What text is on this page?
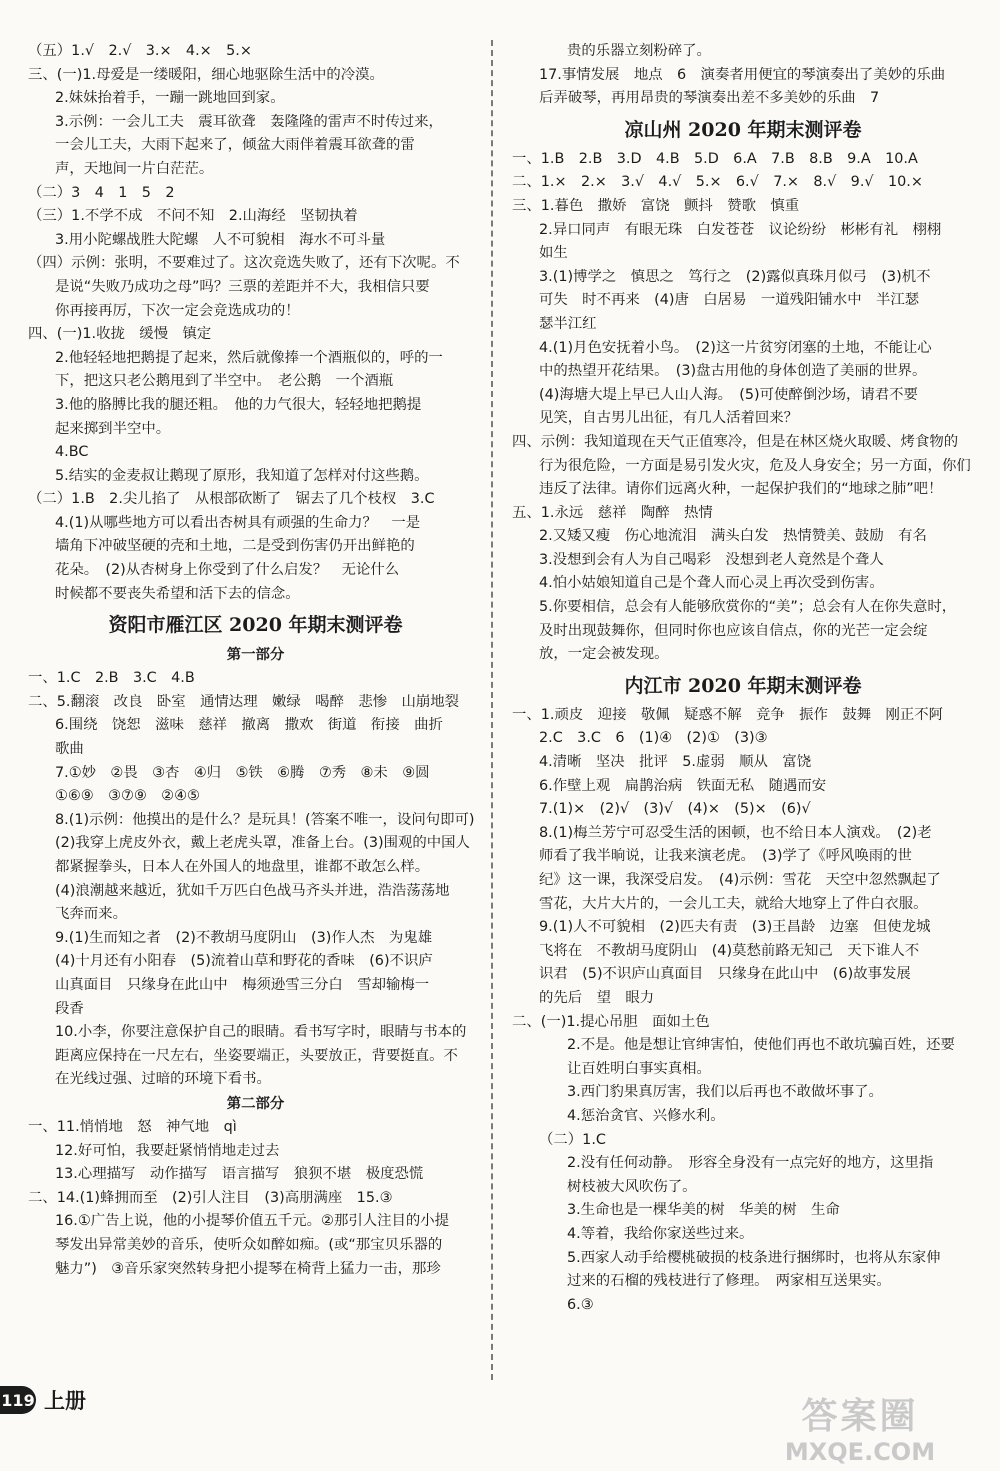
（五）1.√　2.√　3.×　4.×　5.×
三、(一)1.母爱是一缕暖阳，细心地驱除生活中的冷漠。
2.妹妹抬着手，一蹦一跳地回到家。
3.示例：一会儿工夫　震耳欲聋　轰隆隆的雷声不时传过来，
一会儿工夫，大雨下起来了，倾盆大雨伴着震耳欲聋的雷
声，天地间一片白茫茫。
（二）3　4　1　5　2
（三）1.不学不成　不问不知　2.山海经　坚韧执着
3.用小陀螺战胜大陀螺　人不可貌相　海水不可斗量
（四）示例：张明，不要难过了。这次竞选失败了，还有下次呢。不
是说“失败乃成功之母”吗？三票的差距并不大，我相信只要
你再接再厉，下次一定会竞选成功的！
四、(一)1.收拢　缓慢　镇定
2.他轻轻地把鹅提了起来，然后就像捧一个酒瓶似的，呼的一
下，把这只老公鹅甩到了半空中。　老公鹅　一个酒瓶
3.他的胳膊比我的腿还粗。　他的力气很大，轻轻地把鹅提
起来掷到半空中。
4.BC
5.结实的金麦叔让鹅现了原形，我知道了怎样对付这些鹅。
（二）1.B　2.尖儿掐了　从根部砍断了　锯去了几个枝杈　3.C
4.(1)从哪些地方可以看出杏树具有顽强的生命力？　一是
墙角下冲破坚硬的壳和土地，二是受到伤害仍开出鲜艳的
花朵。　(2)从杏树身上你受到了什么启发？　无论什么
时候都不要丧失希望和活下去的信念。
资阳市雁江区 2020 年期末测评卷
第一部分
一、1.C　2.B　3.C　4.B
二、5.翻滚　改良　卧室　通情达理　嫩绿　喝醉　悲惨　山崩地裂
6.围绕　饶恕　滋味　慈祥　撤离　撒欢　街道　衔接　曲折
歌曲
7.①妙　②畏　③杏　④归　⑤铁　⑥腾　⑦秀　⑧未　⑨圆
①⑥⑨　③⑦⑨　②④⑤
8.(1)示例：他摸出的是什么？是玩具！(答案不唯一，设问句即可)
(2)我穿上虎皮外衣，戴上老虎头罩，准备上台。(3)围观的中国人
都紧握拳头，日本人在外国人的地盘里，谁都不敢怎么样。
(4)浪潮越来越近，犹如千万匹白色战马齐头并进，浩浩荡荡地
飞奔而来。
9.(1)生而知之者　(2)不教胡马度阴山　(3)作人杰　为鬼雄
(4)十月还有小阳春　(5)流着山草和野花的香味　(6)不识庐
山真面目　只缘身在此山中　梅须逊雪三分白　雪却输梅一
段香
10.小李，你要注意保护自己的眼睛。看书写字时，眼睛与书本的
距离应保持在一尺左右，坐姿要端正，头要放正，背要挺直。不
在光线过强、过暗的环境下看书。
第二部分
一、11.悄悄地　怒　神气地　qì
12.好可怕，我要赶紧悄悄地走过去
13.心理描写　动作描写　语言描写　狼狈不堪　极度恐慌
二、14.(1)蜂拥而至　(2)引人注目　(3)高朋满座　15.③
16.①广告上说，他的小提琴价值五千元。②那引人注目的小提
琴发出异常美妙的音乐，使听众如醉如痴。(或“那宝贝乐器的
魅力”)　③音乐家突然转身把小提琴在椅背上猛力一击，那珍
贵的乐器立刻粉碎了。
17.事情发展　地点　6　演奏者用便宜的琴演奏出了美妙的乐曲
后弄破琴，再用昂贵的琴演奏出差不多美妙的乐曲　7
凉山州 2020 年期末测评卷
一、1.B　2.B　3.D　4.B　5.D　6.A　7.B　8.B　9.A　10.A
二、1.×　2.×　3.√　4.√　5.×　6.√　7.×　8.√　9.√　10.×
三、1.暮色　撒娇　富饶　颤抖　赞歌　慎重
2.异口同声　有眼无珠　白发苍苍　议论纷纷　彬彬有礼　栩栩
如生
3.(1)博学之　慎思之　笃行之　(2)露似真珠月似弓　(3)机不
可失　时不再来　(4)唐　白居易　一道残阳铺水中　半江瑟
瑟半江红
4.(1)月色安抚着小鸟。　(2)这一片贫穷闭塞的土地，不能让心
中的热望开花结果。　(3)盘古用他的身体创造了美丽的世界。
(4)海塘大堤上早已人山人海。　(5)可使醉倒沙场，请君不要
见笑，自古男儿出征，有几人活着回来？
四、示例：我知道现在天气正值寒冷，但是在林区烧火取暖、烤食物的
行为很危险，一方面是易引发火灾，危及人身安全；另一方面，你们
违反了法律。请你们远离火种，一起保护我们的“地球之肺”吧！
五、1.永远　慈祥　陶醉　热情
2.又矮又瘦　伤心地流泪　满头白发　热情赞美、鼓励　有名
3.没想到会有人为自己喝彩　没想到老人竟然是个聋人
4.怕小姑娘知道自己是个聋人而心灵上再次受到伤害。
5.你要相信，总会有人能够欣赏你的“美”；总会有人在你失意时，
及时出现鼓舞你，但同时你也应该自信点，你的光芒一定会绽
放，一定会被发现。
内江市 2020 年期末测评卷
一、1.顽皮　迎接　敬佩　疑惑不解　竞争　振作　鼓舞　刚正不阿
2.C　3.C　6　(1)④　(2)①　(3)③
4.清晰　坚决　批评　5.虚弱　顺从　富饶
6.作壁上观　扁鹊治病　铁面无私　随遇而安
7.(1)×　(2)√　(3)√　(4)×　(5)×　(6)√
8.(1)梅兰芳宁可忍受生活的困顿，也不给日本人演戏。　(2)老
师看了我半晌说，让我来演老虎。　(3)学了《呼风唤雨的世
纪》这一课，我深受启发。　(4)示例：雪花　天空中忽然飘起了
雪花，大片大片的，一会儿工夫，就给大地穿上了件白衣服。
9.(1)人不可貌相　(2)匹夫有责　(3)王昌龄　边塞　但使龙城
飞将在　不教胡马度阴山　(4)莫愁前路无知己　天下谁人不
识君　(5)不识庐山真面目　只缘身在此山中　(6)故事发展
的先后　望　眼力
二、(一)1.提心吊胆　面如土色
2.不是。他是想让官绅害怕，使他们再也不敢坑骗百姓，还要
让百姓明白事实真相。
3.西门豹果真厉害，我们以后再也不敢做坏事了。
4.惩治贪官、兴修水利。
（二）1.C
2.没有任何动静。　形容全身没有一点完好的地方，这里指
树枝被大风吹伤了。
3.生命也是一棵华美的树　华美的树　生命
4.等着，我给你家送些过来。
5.西家人动手给樱桃破损的枝条进行捆绑时，也将从东家伸
过来的石榴的残枝进行了修理。　两家相互送果实。
6.③
119 上册	答案圈
MXQE.COM
